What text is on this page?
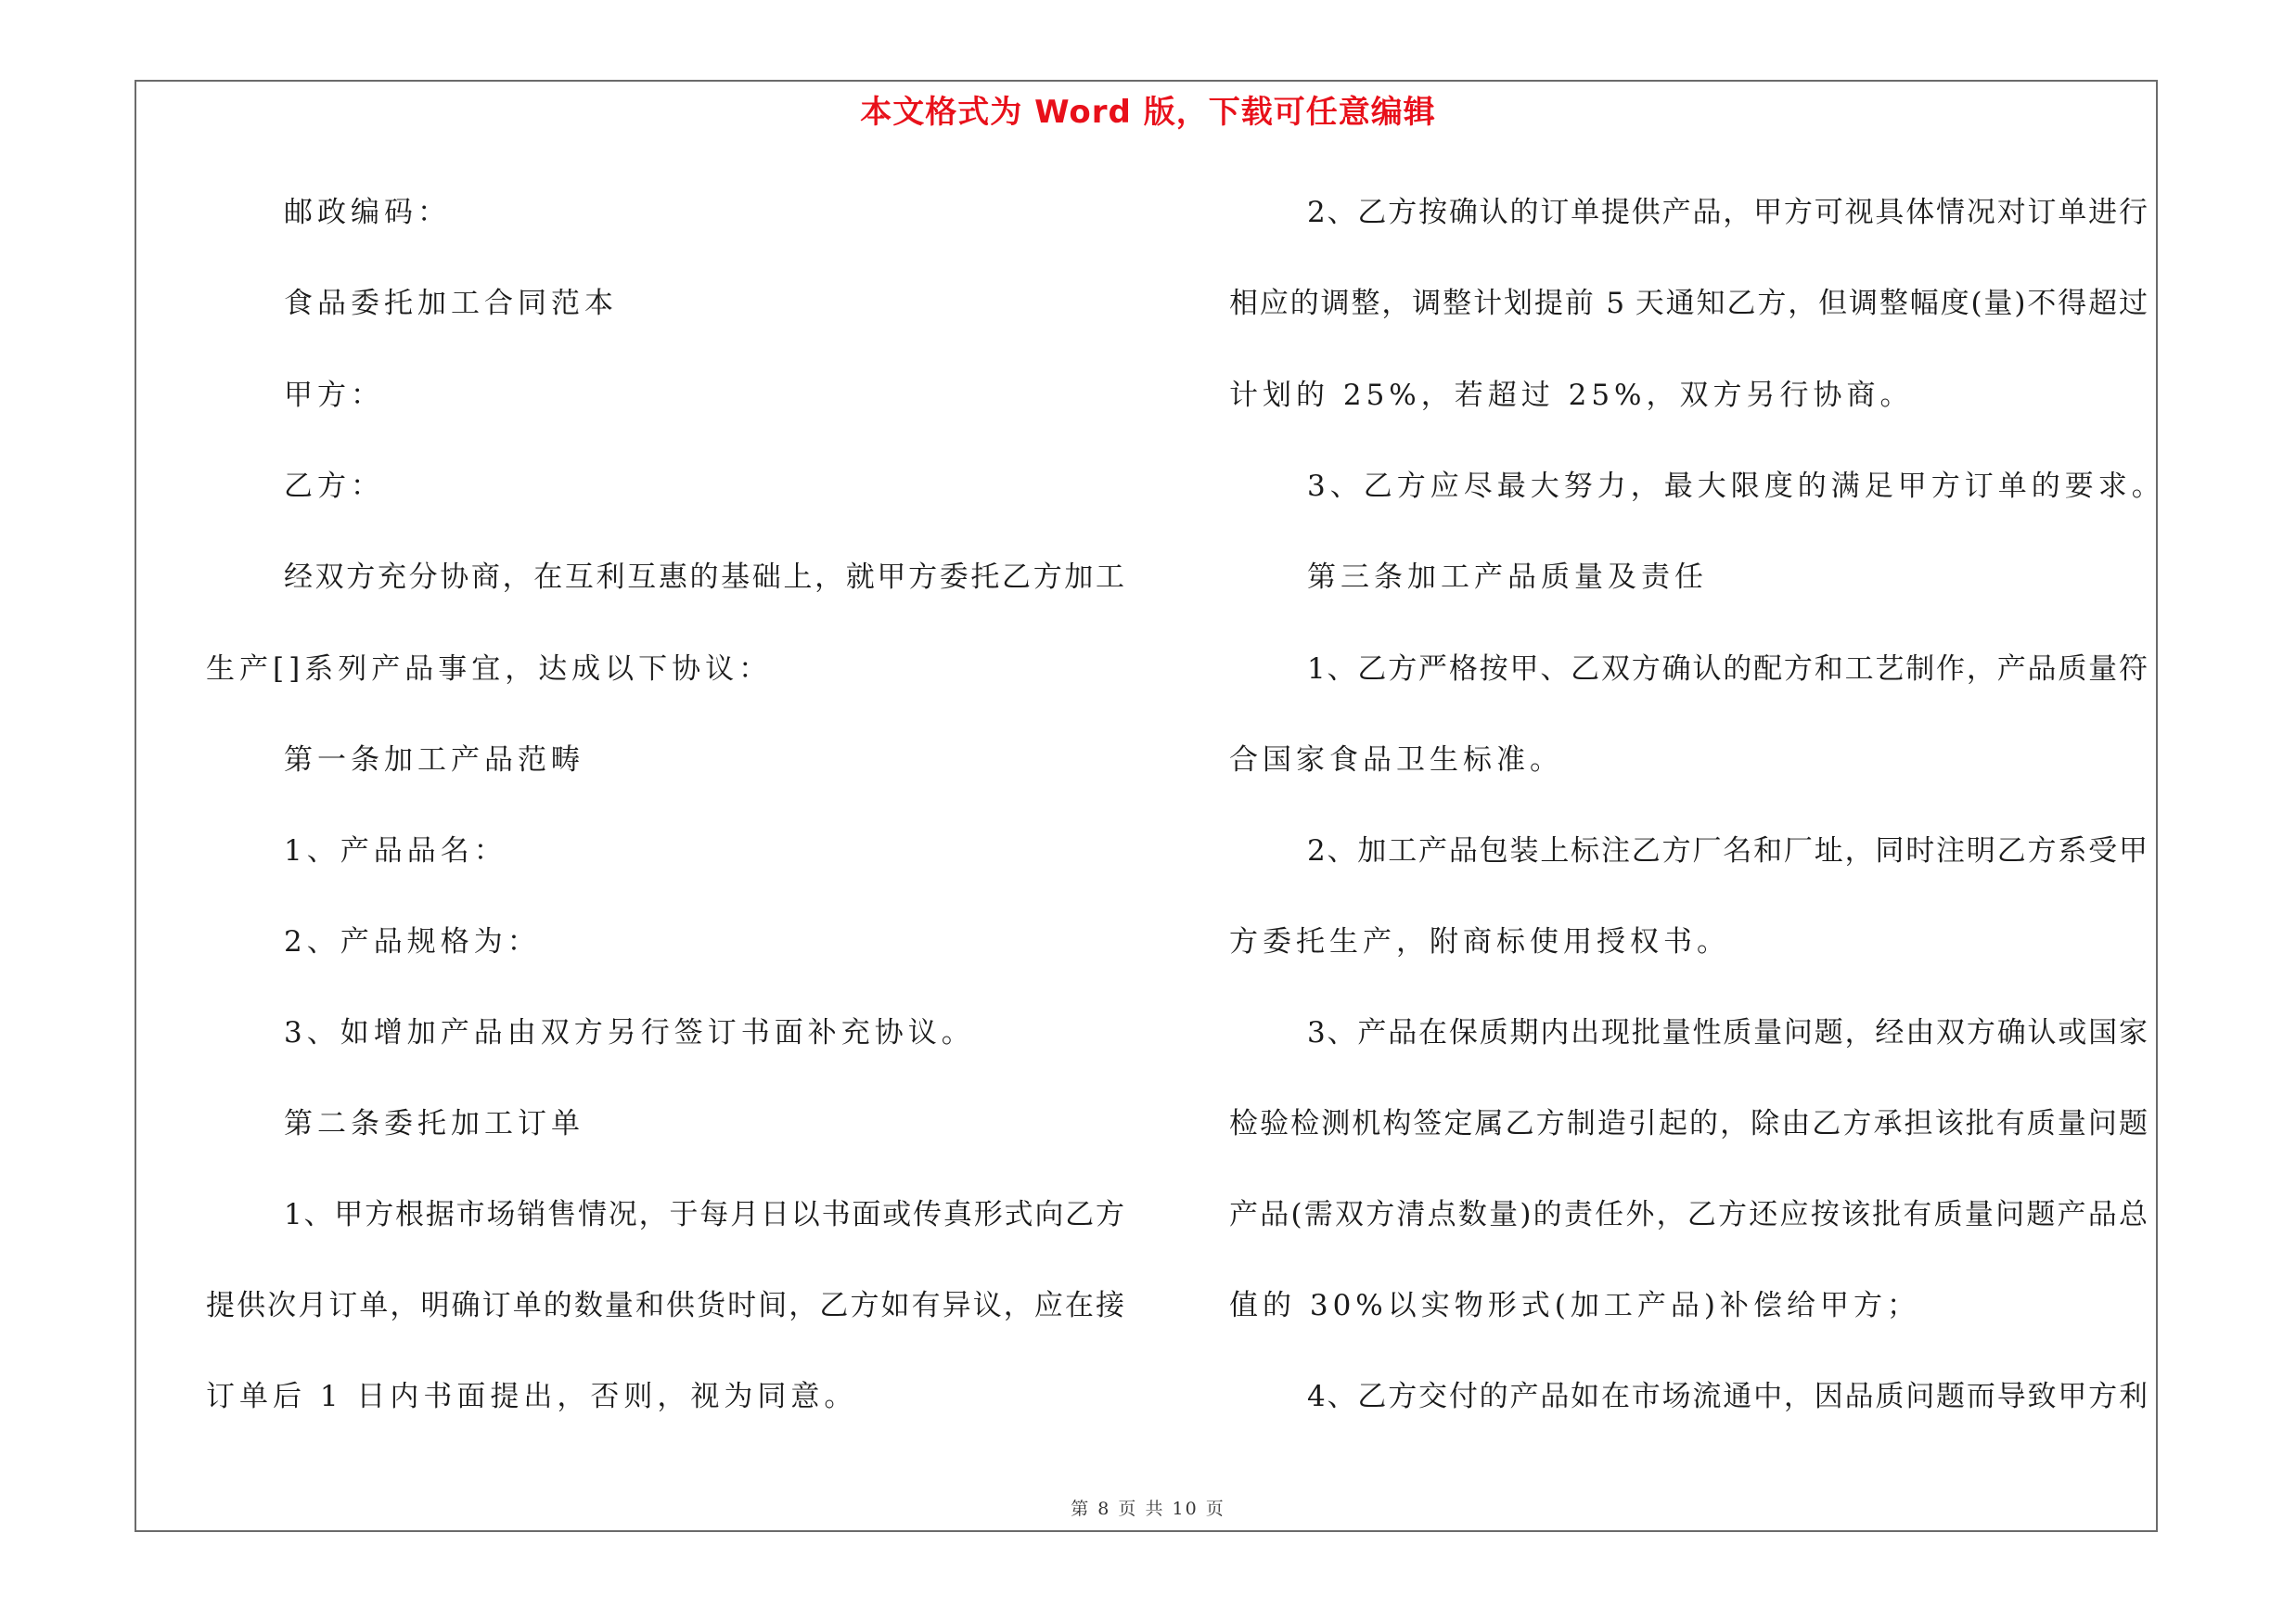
本文格式为 Word 版，下载可任意编辑
邮政编码：
食品委托加工合同范本
甲方：
乙方：
经双方充分协商，在互利互惠的基础上，就甲方委托乙方加工
生产[]系列产品事宜，达成以下协议：
第一条加工产品范畴
1、产品品名：
2、产品规格为：
3、如增加产品由双方另行签订书面补充协议。
第二条委托加工订单
1、甲方根据市场销售情况，于每月日以书面或传真形式向乙方
提供次月订单，明确订单的数量和供货时间，乙方如有异议，应在接
订单后 1 日内书面提出，否则，视为同意。
2、乙方按确认的订单提供产品，甲方可视具体情况对订单进行
相应的调整，调整计划提前 5 天通知乙方，但调整幅度(量)不得超过
计划的 25%，若超过 25%，双方另行协商。
3、乙方应尽最大努力，最大限度的满足甲方订单的要求。
第三条加工产品质量及责任
1、乙方严格按甲、乙双方确认的配方和工艺制作，产品质量符
合国家食品卫生标准。
2、加工产品包装上标注乙方厂名和厂址，同时注明乙方系受甲
方委托生产，附商标使用授权书。
3、产品在保质期内出现批量性质量问题，经由双方确认或国家
检验检测机构签定属乙方制造引起的，除由乙方承担该批有质量问题
产品(需双方清点数量)的责任外，乙方还应按该批有质量问题产品总
值的 30%以实物形式(加工产品)补偿给甲方；
4、乙方交付的产品如在市场流通中，因品质问题而导致甲方利
第 8 页 共 10 页
